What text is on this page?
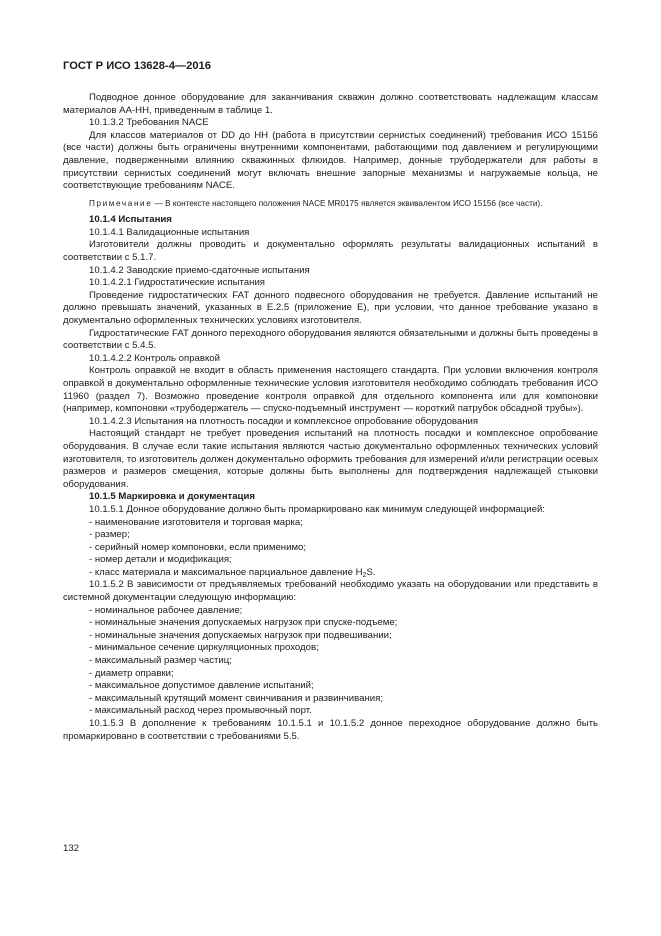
ГОСТ Р ИСО 13628-4—2016

Подводное донное оборудование для заканчивания скважин должно соответствовать надлежащим классам материалов АА-НН, приведенным в таблице 1.

10.1.3.2 Требования NACE

Для классов материалов от DD до HH (работа в присутствии сернистых соединений) требования ИСО 15156 (все части) должны быть ограничены внутренними компонентами, работающими под давлением и регулирующими давление, подверженными влиянию скважинных флюидов. Например, донные трубодержатели для работы в присутствии сернистых соединений могут включать внешние запорные механизмы и нагружаемые кольца, не соответствующие требованиям NACE.

Примечание — В контексте настоящего положения NACE MR0175 является эквивалентом ИСО 15156 (все части).

10.1.4 Испытания

10.1.4.1 Валидационные испытания

Изготовители должны проводить и документально оформлять результаты валидационных испытаний в соответствии с 5.1.7.

10.1.4.2 Заводские приемо-сдаточные испытания

10.1.4.2.1 Гидростатические испытания

Проведение гидростатических FAT донного подвесного оборудования не требуется. Давление испытаний не должно превышать значений, указанных в Е.2.5 (приложение Е), при условии, что данное требование указано в документально оформленных технических условиях изготовителя.

Гидростатические FAT донного переходного оборудования являются обязательными и должны быть проведены в соответствии с 5.4.5.

10.1.4.2.2 Контроль оправкой

Контроль оправкой не входит в область применения настоящего стандарта. При условии включения контроля оправкой в документально оформленные технические условия изготовителя необходимо соблюдать требования ИСО 11960 (раздел 7). Возможно проведение контроля оправкой для отдельного компонента или для компоновки (например, компоновки «трубодержатель — спуско-подъемный инструмент — короткий патрубок обсадной трубы»).

10.1.4.2.3 Испытания на плотность посадки и комплексное опробование оборудования

Настоящий стандарт не требует проведения испытаний на плотность посадки и комплексное опробование оборудования. В случае если такие испытания являются частью документально оформленных технических условий изготовителя, то изготовитель должен документально оформить требования для измерений и/или регистрации осевых размеров и размеров смещения, которые должны быть выполнены для подтверждения надлежащей стыковки оборудования.

10.1.5 Маркировка и документация

10.1.5.1 Донное оборудование должно быть промаркировано как минимум следующей информацией:

- наименование изготовителя и торговая марка;

- размер;

- серийный номер компоновки, если применимо;

- номер детали и модификация;

- класс материала и максимальное парциальное давление $H_2S$.

10.1.5.2 В зависимости от предъявляемых требований необходимо указать на оборудовании или представить в системной документации следующую информацию:

- номинальное рабочее давление;

- номинальные значения допускаемых нагрузок при спуске-подъеме;

- номинальные значения допускаемых нагрузок при подвешивании;

- минимальное сечение циркуляционных проходов;

- максимальный размер частиц;

- диаметр оправки;

- максимальное допустимое давление испытаний;

- максимальный крутящий момент свинчивания и развинчивания;

- максимальный расход через промывочный порт.

10.1.5.3 В дополнение к требованиям 10.1.5.1 и 10.1.5.2 донное переходное оборудование должно быть промаркировано в соответствии с требованиями 5.5.

132
